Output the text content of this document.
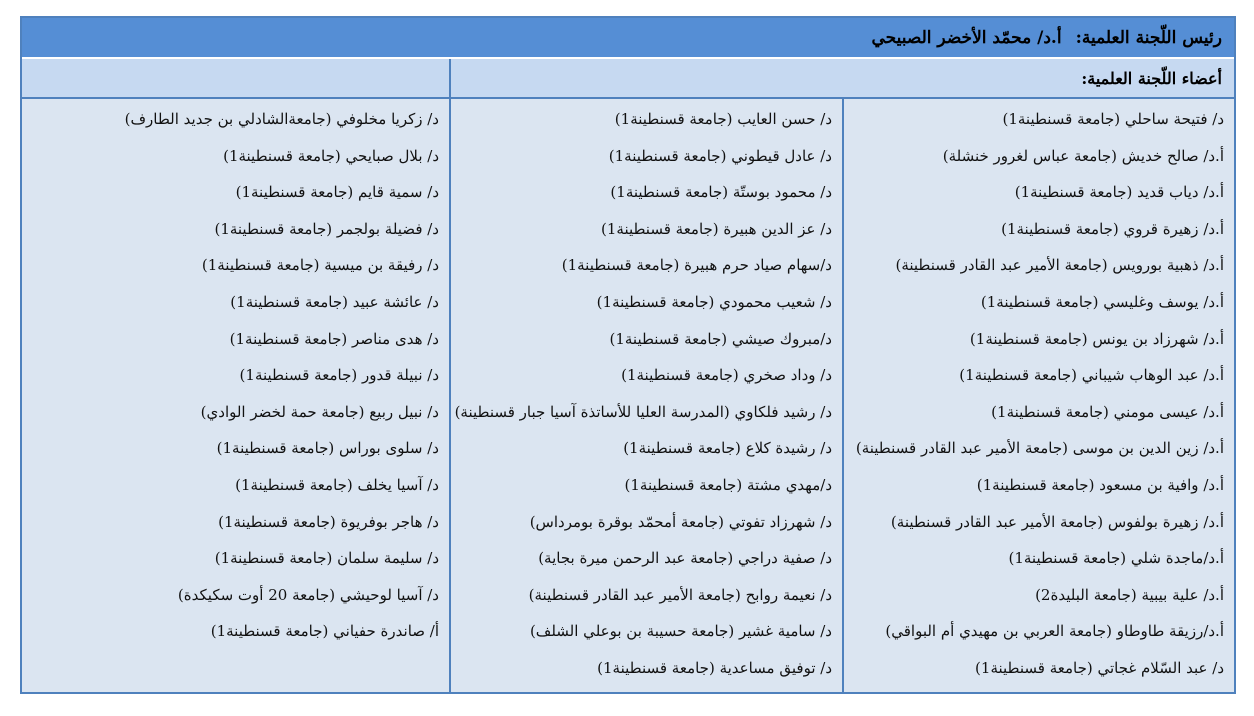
رئيس اللّجنة العلمية:
أ.د/ محمّد الأخضر الصبيحي
أعضاء اللّجنة العلمية:
د/ فتيحة ساحلي (جامعة قسنطينة1)
أ.د/ صالح خديش (جامعة عباس لغرور خنشلة)
أ.د/ دياب قديد (جامعة قسنطينة1)
أ.د/ زهيرة قروي (جامعة قسنطينة1)
أ.د/ ذهبية بورويس (جامعة الأمير عبد القادر قسنطينة)
أ.د/ يوسف وغليسي (جامعة قسنطينة1)
أ.د/ شهرزاد بن يونس (جامعة قسنطينة1)
أ.د/ عبد الوهاب شيباني (جامعة قسنطينة1)
أ.د/ عيسى مومني (جامعة قسنطينة1)
أ.د/ زين الدين بن موسى (جامعة الأمير عبد القادر قسنطينة)
أ.د/ وافية بن مسعود (جامعة قسنطينة1)
أ.د/ زهيرة بولفوس (جامعة الأمير عبد القادر قسنطينة)
أ.د/ماجدة شلي (جامعة قسنطينة1)
أ.د/ علية بيبية (جامعة البليدة2)
أ.د/رزيقة طاوطاو (جامعة العربي بن مهيدي أم البواقي)
د/ عبد السّلام غجاتي (جامعة قسنطينة1)
د/ حسن العايب (جامعة قسنطينة1)
د/ عادل قيطوني (جامعة قسنطينة1)
د/ محمود بوستّة (جامعة قسنطينة1)
د/ عز الدين هبيرة (جامعة قسنطينة1)
د/سهام صياد حرم هبيرة (جامعة قسنطينة1)
د/ شعيب محمودي (جامعة قسنطينة1)
د/مبروك صيشي (جامعة قسنطينة1)
د/ وداد صخري (جامعة قسنطينة1)
د/ رشيد فلكاوي (المدرسة العليا للأساتذة آسيا جبار قسنطينة)
د/ رشيدة كلاع (جامعة قسنطينة1)
د/مهدي مشتة (جامعة قسنطينة1)
د/ شهرزاد تفوتي (جامعة أمحمّد بوقرة بومرداس)
د/ صفية دراجي (جامعة عبد الرحمن ميرة بجاية)
د/ نعيمة روابح (جامعة الأمير عبد القادر قسنطينة)
د/ سامية غشير (جامعة حسيبة بن بوعلي الشلف)
د/ توفيق مساعدية (جامعة قسنطينة1)
د/ زكريا مخلوفي (جامعةالشادلي بن جديد الطارف)
د/ بلال صبايحي (جامعة قسنطينة1)
د/ سمية قايم (جامعة قسنطينة1)
د/ فضيلة بولجمر (جامعة قسنطينة1)
د/ رفيقة بن ميسية (جامعة قسنطينة1)
د/ عائشة عبيد (جامعة قسنطينة1)
د/ هدى مناصر (جامعة قسنطينة1)
د/ نبيلة قدور (جامعة قسنطينة1)
د/ نبيل ربيع (جامعة حمة لخضر الوادي)
د/ سلوى بوراس (جامعة قسنطينة1)
د/ آسيا يخلف (جامعة قسنطينة1)
د/ هاجر بوفريوة (جامعة قسنطينة1)
د/ سليمة سلمان (جامعة قسنطينة1)
د/ آسيا لوحيشي (جامعة 20 أوت سكيكدة)
أ/ صاندرة حفياني (جامعة قسنطينة1)
